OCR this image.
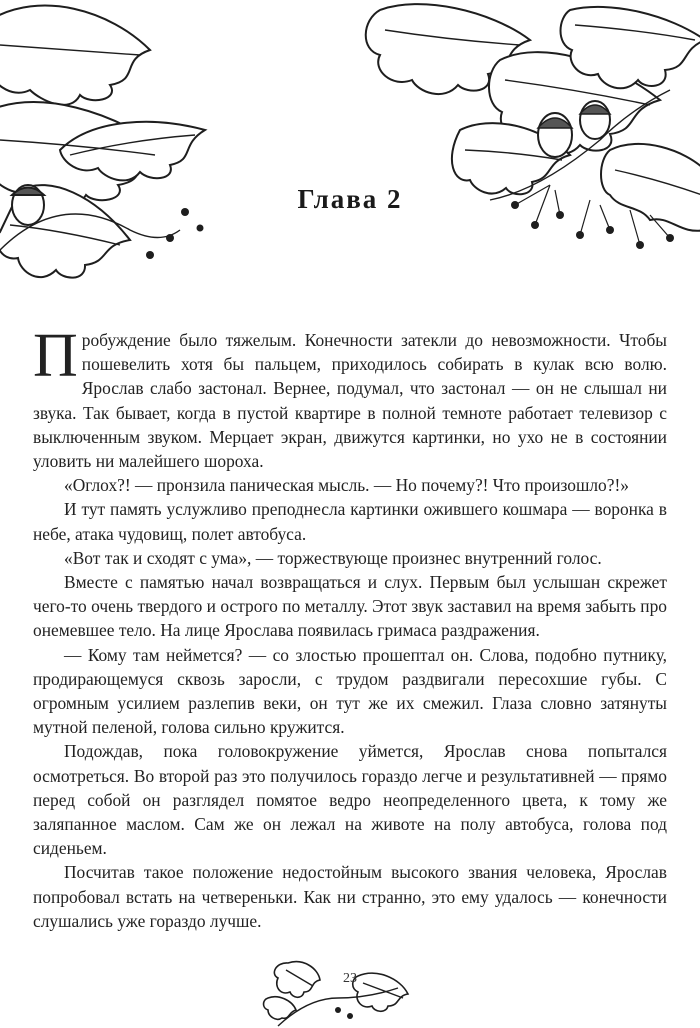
Глава 2

Пробуждение было тяжелым. Конечности затекли до невозможности. Чтобы пошевелить хотя бы пальцем, приходилось собирать в кулак всю волю. Ярослав слабо застонал. Вернее, подумал, что застонал — он не слышал ни звука. Так бывает, когда в пустой квартире в полной темноте работает телевизор с выключенным звуком. Мерцает экран, движутся картинки, но ухо не в состоянии уловить ни малейшего шороха.

«Оглох?! — пронзила паническая мысль. — Но почему?! Что произошло?!»

И тут память услужливо преподнесла картинки ожившего кошмара — воронка в небе, атака чудовищ, полет автобуса.

«Вот так и сходят с ума», — торжествующе произнес внутренний голос.

Вместе с памятью начал возвращаться и слух. Первым был услышан скрежет чего-то очень твердого и острого по металлу. Этот звук заставил на время забыть про онемевшее тело. На лице Ярослава появилась гримаса раздражения.

— Кому там неймется? — со злостью прошептал он. Слова, подобно путнику, продирающемуся сквозь заросли, с трудом раздвигали пересохшие губы. С огромным усилием разлепив веки, он тут же их смежил. Глаза словно затянуты мутной пеленой, голова сильно кружится.

Подождав, пока головокружение уймется, Ярослав снова попытался осмотреться. Во второй раз это получилось гораздо легче и результативней — прямо перед собой он разглядел помятое ведро неопределенного цвета, к тому же заляпанное маслом. Сам же он лежал на животе на полу автобуса, голова под сиденьем.

Посчитав такое положение недостойным высокого звания человека, Ярослав попробовал встать на четвереньки. Как ни странно, это ему удалось — конечности слушались уже гораздо лучше.

23
